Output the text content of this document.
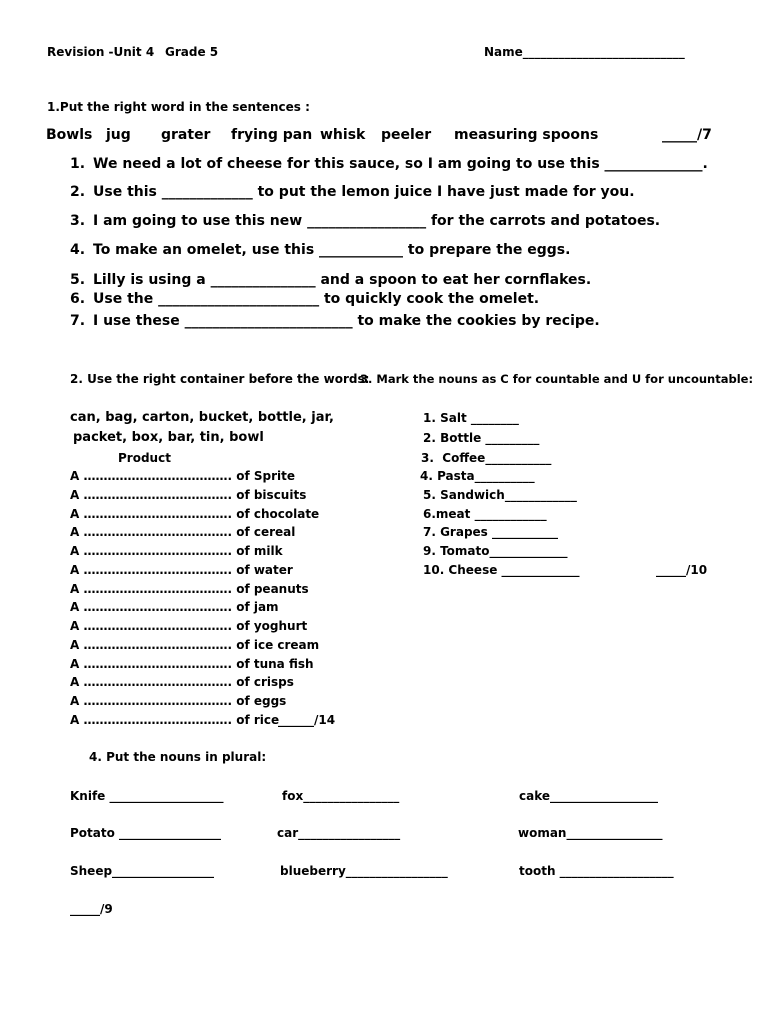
Revision -Unit 4 Grade 5	Name___________________________
1.Put the right word in the sentences :
Bowls jug grater frying pan whisk peeler measuring spoons	_____/7
1. We need a lot of cheese for this sauce, so I am going to use this ______________.
2. Use this _____________ to put the lemon juice I have just made for you.
3. I am going to use this new _________________ for the carrots and potatoes.
4. To make an omelet, use this ____________ to prepare the eggs.
5. Lilly is using a _______________ and a spoon to eat her cornflakes.
6. Use the _______________________ to quickly cook the omelet.
7. I use these ________________________ to make the cookies by recipe.
2. Use the right container before the words:
can, bag, carton, bucket, bottle, jar,
packet, box, bar, tin, bowl
Product
A ………………………………. of Sprite
A ………………………………. of biscuits
A ………………………………. of chocolate
A ………………………………. of cereal
A ………………………………. of milk
A ………………………………. of water
A ………………………………. of peanuts
A ………………………………. of jam
A ………………………………. of yoghurt
A ………………………………. of ice cream
A ………………………………. of tuna fish
A ………………………………. of crisps
A ………………………………. of eggs
A ………………………………. of rice
______/14
3. Mark the nouns as C for countable and U for uncountable:
1. Salt ________
2. Bottle _________
3.  Coffee___________
4. Pasta__________
5. Sandwich____________
6.meat ____________
7. Grapes ___________
9. Tomato_____________
10. Cheese _____________	_____/10
4. Put the nouns in plural:
Knife ___________________	fox________________	cake__________________
Potato _________________	car_________________	woman________________
Sheep_________________	blueberry_________________	tooth ___________________
_____/9
